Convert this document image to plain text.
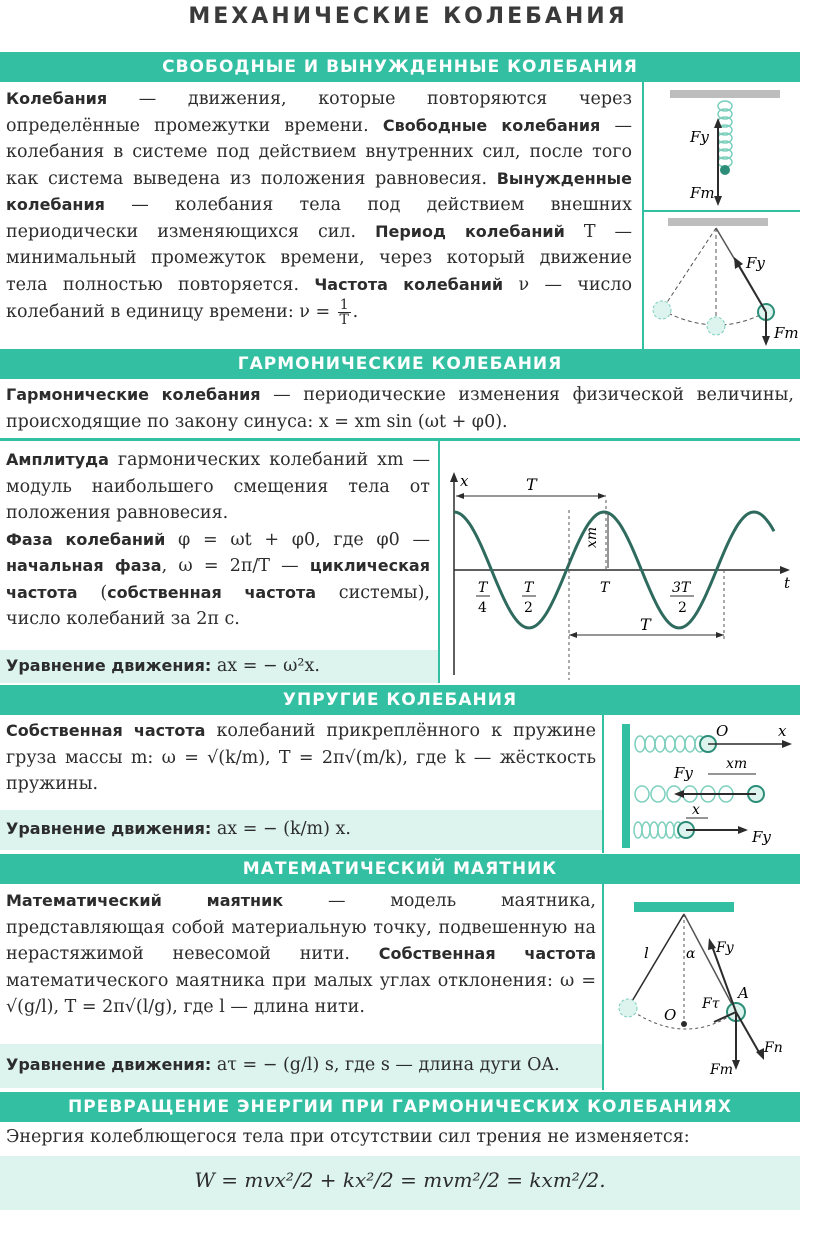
МЕХАНИЧЕСКИЕ КОЛЕБАНИЯ
СВОБОДНЫЕ И ВЫНУЖДЕННЫЕ КОЛЕБАНИЯ
Колебания — движения, которые повторяются через определённые промежутки времени. Свободные колебания — колебания в системе под действием внутренних сил, после того как система выведена из положения равновесия. Вынужденные колебания — колебания тела под действием внешних периодически изменяющихся сил. Период колебаний T — минимальный промежуток времени, через который движение тела полностью повторяется. Частота колебаний ν — число колебаний в единицу времени: $\nu = \frac{1}{T}$ .
Fу
Fт
Fу
Fт
ГАРМОНИЧЕСКИЕ КОЛЕБАНИЯ
Гармонические колебания — периодические изменения физической величины, происходящие по закону синуса: x = xm sin (ωt + φ0).
Амплитуда гармонических колебаний xm — модуль наибольшего смещения тела от положения равновесия.
Фаза колебаний φ = ωt + φ0, где φ0 — начальная фаза, ω = 2π/T — циклическая частота (собственная частота системы), число колебаний за 2π с.
Уравнение движения: ax = − ω²x.
x
t
T
T
xm
T
4
T
2
T	3T
2
УПРУГИЕ КОЛЕБАНИЯ
Собственная частота колебаний прикреплённого к пружине груза массы m: ω = √(k/m), T = 2π√(m/k), где k — жёсткость пружины.
Уравнение движения: ax = − (k/m) x.
O	x
Fу xm
x
Fу
МАТЕМАТИЧЕСКИЙ МАЯТНИК
Математический маятник — модель маятника, представляющая собой материальную точку, подвешенную на нерастяжимой невесомой нити. Собственная частота математического маятника при малых углах отклонения: ω = √(g/l), T = 2π√(l/g), где l — длина нити.
Уравнение движения: aτ = − (g/l) s, где s — длина дуги OA.
l	α
O
A
Fу
Fτ
Fn
Fт
ПРЕВРАЩЕНИЕ ЭНЕРГИИ ПРИ ГАРМОНИЧЕСКИХ КОЛЕБАНИЯХ
Энергия колеблющегося тела при отсутствии сил трения не изменяется:
W = mvx²/2 + kx²/2 = mvm²/2 = kxm²/2.
